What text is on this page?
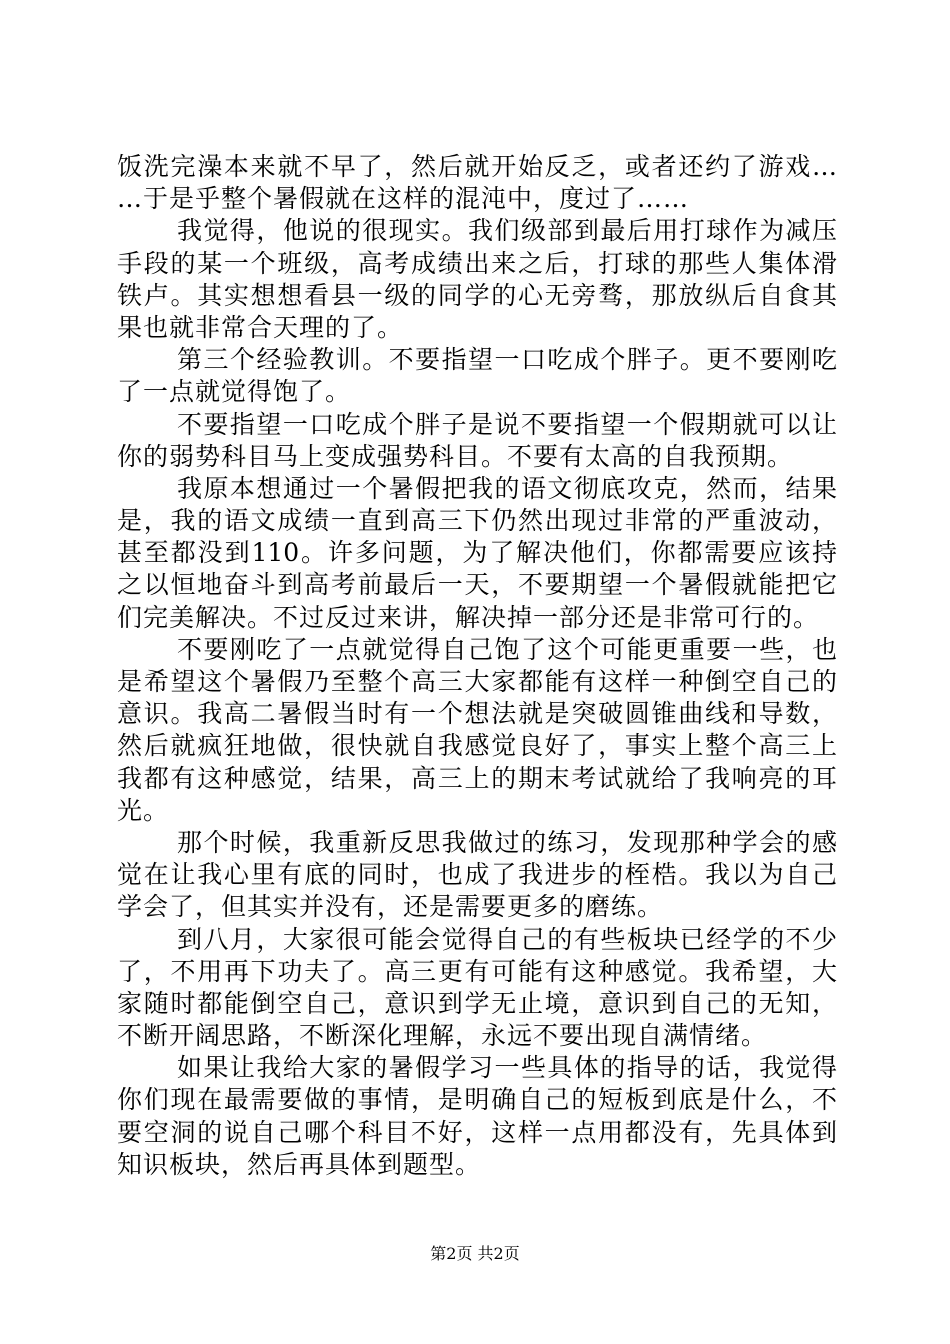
饭洗完澡本来就不早了，然后就开始反乏，或者还约了游戏…
…于是乎整个暑假就在这样的混沌中，度过了……
我觉得，他说的很现实。我们级部到最后用打球作为减压
手段的某一个班级，高考成绩出来之后，打球的那些人集体滑
铁卢。其实想想看县一级的同学的心无旁骛，那放纵后自食其
果也就非常合天理的了。
第三个经验教训。不要指望一口吃成个胖子。更不要刚吃
了一点就觉得饱了。
不要指望一口吃成个胖子是说不要指望一个假期就可以让
你的弱势科目马上变成强势科目。不要有太高的自我预期。
我原本想通过一个暑假把我的语文彻底攻克，然而，结果
是，我的语文成绩一直到高三下仍然出现过非常的严重波动，
甚至都没到110。许多问题，为了解决他们，你都需要应该持
之以恒地奋斗到高考前最后一天，不要期望一个暑假就能把它
们完美解决。不过反过来讲，解决掉一部分还是非常可行的。
不要刚吃了一点就觉得自己饱了这个可能更重要一些，也
是希望这个暑假乃至整个高三大家都能有这样一种倒空自己的
意识。我高二暑假当时有一个想法就是突破圆锥曲线和导数，
然后就疯狂地做，很快就自我感觉良好了，事实上整个高三上
我都有这种感觉，结果，高三上的期末考试就给了我响亮的耳
光。
那个时候，我重新反思我做过的练习，发现那种学会的感
觉在让我心里有底的同时，也成了我进步的桎梏。我以为自己
学会了，但其实并没有，还是需要更多的磨练。
到八月，大家很可能会觉得自己的有些板块已经学的不少
了，不用再下功夫了。高三更有可能有这种感觉。我希望，大
家随时都能倒空自己，意识到学无止境，意识到自己的无知，
不断开阔思路，不断深化理解，永远不要出现自满情绪。
如果让我给大家的暑假学习一些具体的指导的话，我觉得
你们现在最需要做的事情，是明确自己的短板到底是什么，不
要空洞的说自己哪个科目不好，这样一点用都没有，先具体到
知识板块，然后再具体到题型。
第2页 共2页
